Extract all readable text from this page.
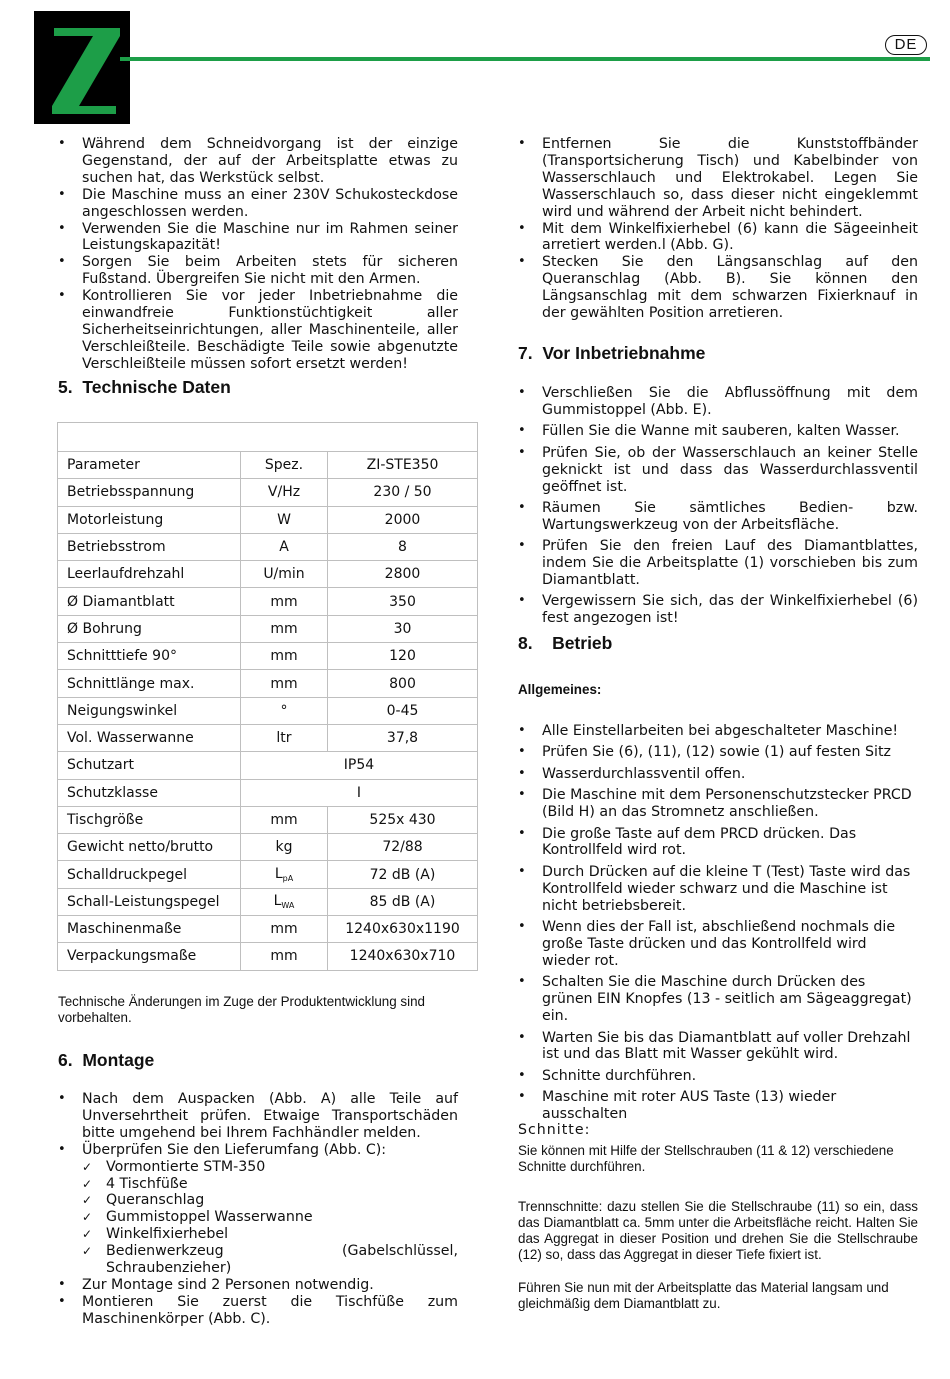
DE
• Während dem Schneidvorgang ist der einzige Gegenstand, der auf der Arbeitsplatte etwas zu suchen hat, das Werkstück selbst.
• Die Maschine muss an einer 230V Schukosteckdose angeschlossen werden.
• Verwenden Sie die Maschine nur im Rahmen seiner Leistungskapazität!
• Sorgen Sie beim Arbeiten stets für sicheren Fußstand. Übergreifen Sie nicht mit den Armen.
• Kontrollieren Sie vor jeder Inbetriebnahme die einwandfreie Funktionstüchtigkeit aller Sicherheitseinrichtungen, aller Maschinenteile, aller Verschleißteile. Beschädigte Teile sowie abgenutzte Verschleißteile müssen sofort ersetzt werden!
5. Technische Daten

Parameter	Spez.	ZI-STE350
Betriebsspannung	V/Hz	230 / 50
Motorleistung	W	2000
Betriebsstrom	A	8
Leerlaufdrehzahl	U/min	2800
Ø Diamantblatt	mm	350
Ø Bohrung	mm	30
Schnitttiefe 90°	mm	120
Schnittlänge max.	mm	800
Neigungswinkel	°	0-45
Vol. Wasserwanne	ltr	37,8
Schutzart	IP54	
Schutzklasse	I	
Tischgröße	mm	525x 430
Gewicht netto/brutto	kg	72/88
Schalldruckpegel	$L_{pA}$	72 dB (A)
Schall-Leistungspegel	$L_{WA}$	85 dB (A)
Maschinenmaße	mm	1240x630x1190
Verpackungsmaße	mm	1240x630x710
Technische Änderungen im Zuge der Produktentwicklung sind vorbehalten.
6. Montage
• Nach dem Auspacken (Abb. A) alle Teile auf Unversehrtheit prüfen. Etwaige Transportschäden bitte umgehend bei Ihrem Fachhändler melden.
• Überprüfen Sie den Lieferumfang (Abb. C):
✓ Vormontierte STM-350
✓ 4 Tischfüße
✓ Queranschlag
✓ Gummistoppel Wasserwanne
✓ Winkelfixierhebel
✓ Bedienwerkzeug (Gabelschlüssel, Schraubenzieher)
• Zur Montage sind 2 Personen notwendig.
• Montieren Sie zuerst die Tischfüße zum Maschinenkörper (Abb. C).
• Entfernen Sie die Kunststoffbänder (Transportsicherung Tisch) und Kabelbinder von Wasserschlauch und Elektrokabel. Legen Sie Wasserschlauch so, dass dieser nicht eingeklemmt wird und während der Arbeit nicht behindert.
• Mit dem Winkelfixierhebel (6) kann die Sägeeinheit arretiert werden.l (Abb. G).
• Stecken Sie den Längsanschlag auf den Queranschlag (Abb. B). Sie können den Längsanschlag mit dem schwarzen Fixierknauf in der gewählten Position arretieren.
7. Vor Inbetriebnahme
• Verschließen Sie die Abflussöffnung mit dem Gummistoppel (Abb. E).
• Füllen Sie die Wanne mit sauberen, kalten Wasser.
• Prüfen Sie, ob der Wasserschlauch an keiner Stelle geknickt ist und dass das Wasserdurchlassventil geöffnet ist.
• Räumen Sie sämtliches Bedien- bzw. Wartungswerkzeug von der Arbeitsfläche.
• Prüfen Sie den freien Lauf des Diamantblattes, indem Sie die Arbeitsplatte (1) vorschieben bis zum Diamantblatt.
• Vergewissern Sie sich, das der Winkelfixierhebel (6) fest angezogen ist!
8. Betrieb
Allgemeines:
• Alle Einstellarbeiten bei abgeschalteter Maschine!
• Prüfen Sie (6), (11), (12) sowie (1) auf festen Sitz
• Wasserdurchlassventil offen.
• Die Maschine mit dem Personenschutzstecker PRCD (Bild H) an das Stromnetz anschließen.
• Die große Taste auf dem PRCD drücken. Das Kontrollfeld wird rot.
• Durch Drücken auf die kleine T (Test) Taste wird das Kontrollfeld wieder schwarz und die Maschine ist nicht betriebsbereit.
• Wenn dies der Fall ist, abschließend nochmals die große Taste drücken und das Kontrollfeld wird wieder rot.
• Schalten Sie die Maschine durch Drücken des grünen EIN Knopfes (13 - seitlich am Sägeaggregat) ein.
• Warten Sie bis das Diamantblatt auf voller Drehzahl ist und das Blatt mit Wasser gekühlt wird.
• Schnitte durchführen.
• Maschine mit roter AUS Taste (13) wieder ausschalten
Schnitte:
Sie können mit Hilfe der Stellschrauben (11 & 12) verschiedene Schnitte durchführen.
Trennschnitte: dazu stellen Sie die Stellschraube (11) so ein, dass das Diamantblatt ca. 5mm unter die Arbeitsfläche reicht. Halten Sie das Aggregat in dieser Position und drehen Sie die Stellschraube (12) so, dass das Aggregat in dieser Tiefe fixiert ist.
Führen Sie nun mit der Arbeitsplatte das Material langsam und gleichmäßig dem Diamantblatt zu.
